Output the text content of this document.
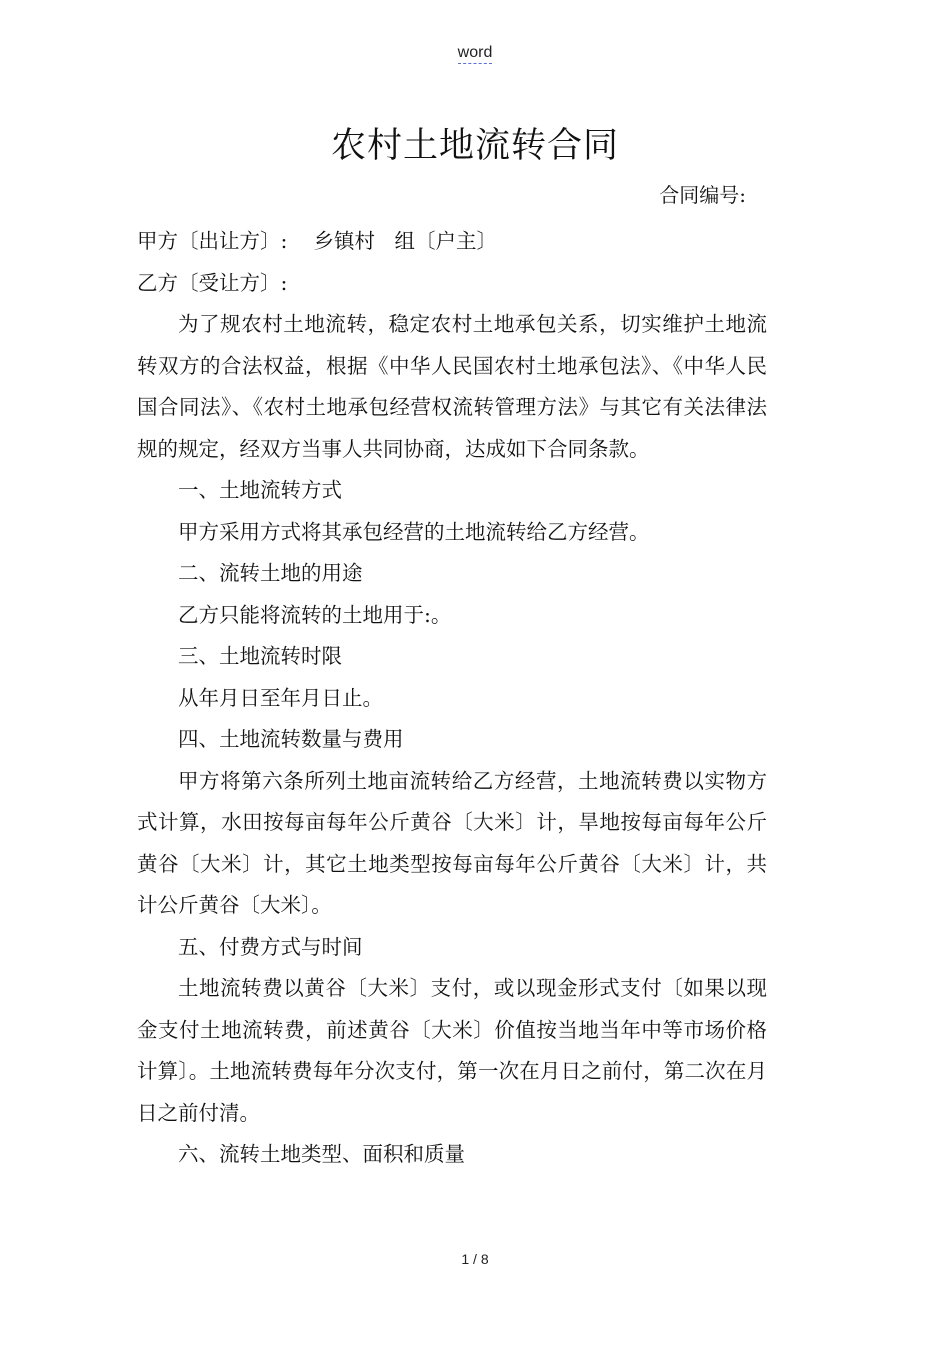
word
农村土地流转合同
合同编号:

甲方〔出让方〕:    乡镇村   组〔户主〕

乙方〔受让方〕:

为了规农村土地流转，稳定农村土地承包关系，切实维护土地流转双方的合法权益，根据《中华人民国农村土地承包法》、《中华人民国合同法》、《农村土地承包经营权流转管理方法》与其它有关法律法规的规定，经双方当事人共同协商，达成如下合同条款。

一、土地流转方式

甲方采用方式将其承包经营的土地流转给乙方经营。

二、流转土地的用途

乙方只能将流转的土地用于:。

三、土地流转时限

从年月日至年月日止。

四、土地流转数量与费用

甲方将第六条所列土地亩流转给乙方经营，土地流转费以实物方式计算，水田按每亩每年公斤黄谷〔大米〕计，旱地按每亩每年公斤黄谷〔大米〕计，其它土地类型按每亩每年公斤黄谷〔大米〕计，共计公斤黄谷〔大米〕。

五、付费方式与时间

土地流转费以黄谷〔大米〕支付，或以现金形式支付〔如果以现金支付土地流转费，前述黄谷〔大米〕价值按当地当年中等市场价格计算〕。土地流转费每年分次支付，第一次在月日之前付，第二次在月日之前付清。

六、流转土地类型、面积和质量

1 / 8
